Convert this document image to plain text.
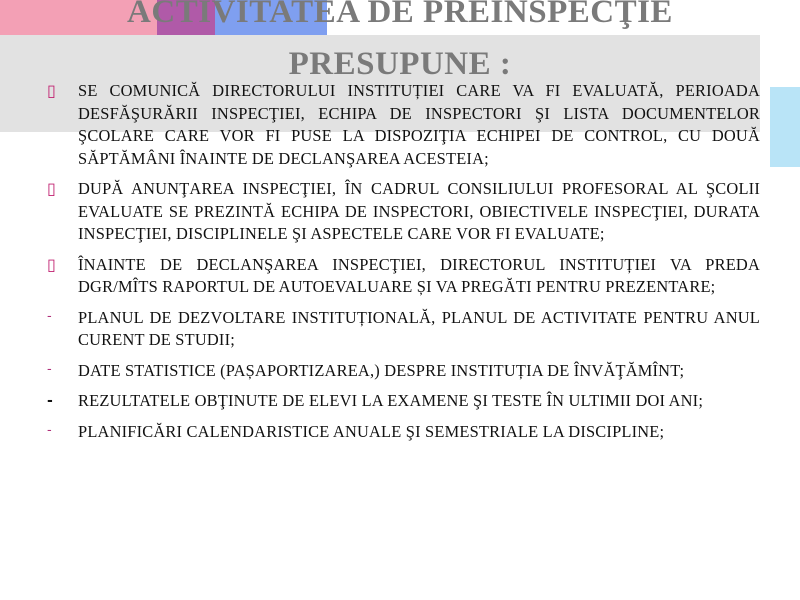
ACTIVITATEA DE PREINSPECŢIE
PRESUPUNE :
▯ SE COMUNICĂ DIRECTORULUI INSTITUȚIEI CARE VA FI EVALUATĂ, PERIOADA DESFĂŞURĂRII INSPECŢIEI, ECHIPA DE INSPECTORI ŞI LISTA DOCUMENTELOR ŞCOLARE CARE VOR FI PUSE LA DISPOZIŢIA ECHIPEI DE CONTROL, CU DOUĂ SĂPTĂMÂNI ÎNAINTE DE DECLANŞAREA ACESTEIA;
▯ DUPĂ ANUNŢAREA INSPECŢIEI, ÎN CADRUL CONSILIULUI PROFESORAL AL ŞCOLII EVALUATE SE PREZINTĂ ECHIPA DE INSPECTORI, OBIECTIVELE INSPECŢIEI, DURATA INSPECŢIEI, DISCIPLINELE ŞI ASPECTELE CARE VOR FI EVALUATE;
▯ ÎNAINTE DE DECLANŞAREA INSPECŢIEI, DIRECTORUL INSTITUȚIEI VA PREDA DGR/MÎTS RAPORTUL DE AUTOEVALUARE ȘI VA PREGĂTI PENTRU PREZENTARE;
- PLANUL DE DEZVOLTARE INSTITUȚIONALĂ, PLANUL DE ACTIVITATE PENTRU ANUL CURENT DE STUDII;
- DATE STATISTICE (PAȘAPORTIZAREA,) DESPRE INSTITUȚIA DE ÎNVĂŢĂMÎNT;
- REZULTATELE OBŢINUTE DE ELEVI LA EXAMENE ŞI TESTE ÎN ULTIMII DOI ANI;
- PLANIFICĂRI CALENDARISTICE ANUALE ŞI SEMESTRIALE LA DISCIPLINE;
